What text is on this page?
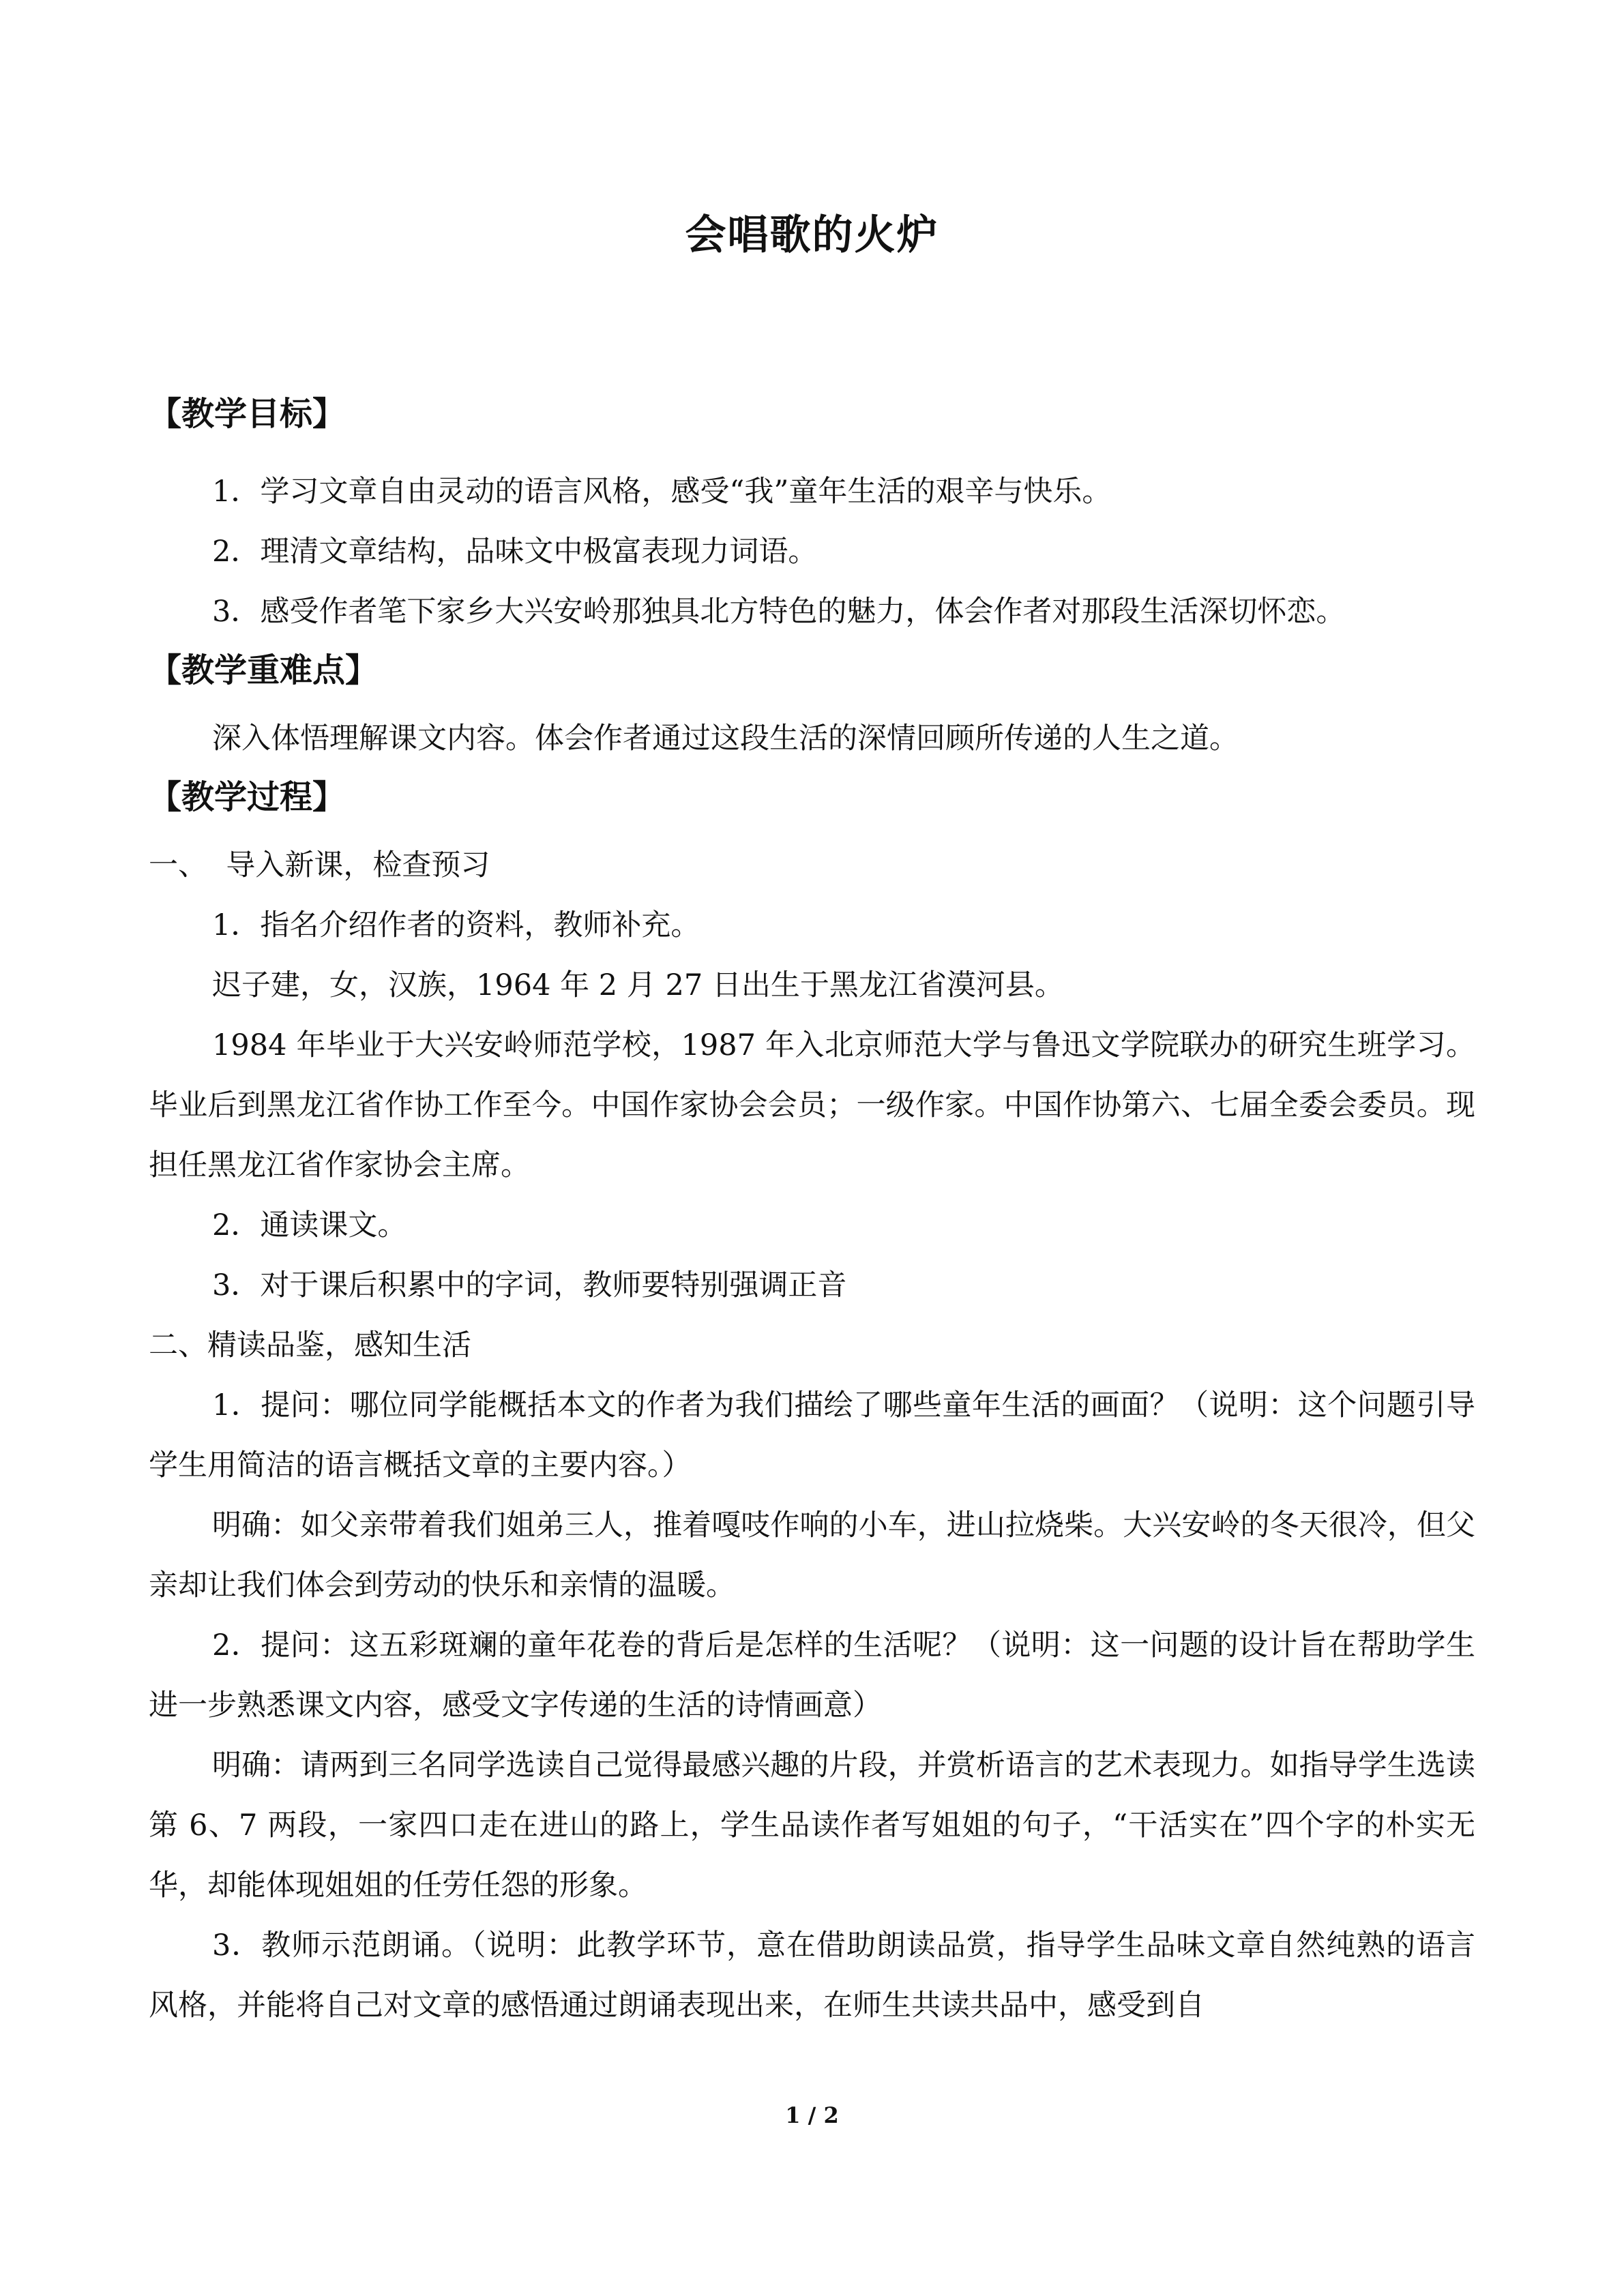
会唱歌的火炉
【教学目标】

1．学习文章自由灵动的语言风格，感受“我”童年生活的艰辛与快乐。

2．理清文章结构，品味文中极富表现力词语。

3．感受作者笔下家乡大兴安岭那独具北方特色的魅力，体会作者对那段生活深切怀恋。

【教学重难点】

深入体悟理解课文内容。体会作者通过这段生活的深情回顾所传递的人生之道。

【教学过程】

一、  导入新课，检查预习

1．指名介绍作者的资料，教师补充。

迟子建，女，汉族，1964 年 2 月 27 日出生于黑龙江省漠河县。

1984 年毕业于大兴安岭师范学校，1987 年入北京师范大学与鲁迅文学院联办的研究生班学习。毕业后到黑龙江省作协工作至今。中国作家协会会员；一级作家。中国作协第六、七届全委会委员。现担任黑龙江省作家协会主席。

2．通读课文。

3．对于课后积累中的字词，教师要特别强调正音

二、精读品鉴，感知生活

1．提问：哪位同学能概括本文的作者为我们描绘了哪些童年生活的画面？（说明：这个问题引导学生用简洁的语言概括文章的主要内容。）

明确：如父亲带着我们姐弟三人，推着嘎吱作响的小车，进山拉烧柴。大兴安岭的冬天很冷，但父亲却让我们体会到劳动的快乐和亲情的温暖。

2．提问：这五彩斑斓的童年花卷的背后是怎样的生活呢？（说明：这一问题的设计旨在帮助学生进一步熟悉课文内容，感受文字传递的生活的诗情画意）

明确：请两到三名同学选读自己觉得最感兴趣的片段，并赏析语言的艺术表现力。如指导学生选读第 6、7 两段，一家四口走在进山的路上，学生品读作者写姐姐的句子，“干活实在”四个字的朴实无华，却能体现姐姐的任劳任怨的形象。

3．教师示范朗诵。（说明：此教学环节，意在借助朗读品赏，指导学生品味文章自然纯熟的语言风格，并能将自己对文章的感悟通过朗诵表现出来，在师生共读共品中，感受到自

1 / 2
